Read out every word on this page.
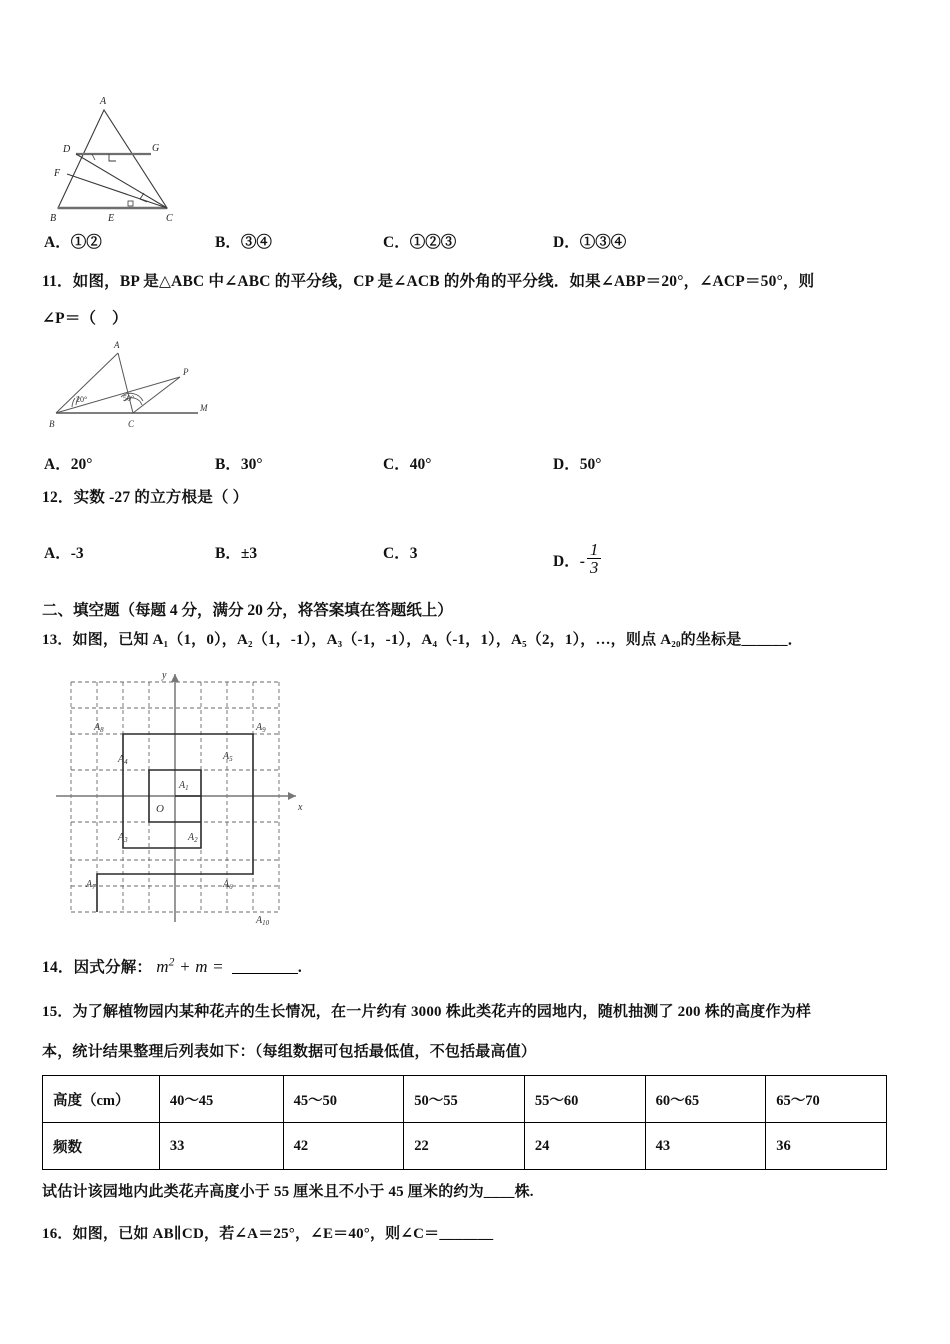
A
D	G
F
B	E	C
A．①②	B．③④	C．①②③	D．①③④
11．如图，BP 是△ABC 中∠ABC 的平分线，CP 是∠ACB 的外角的平分线．如果∠ABP＝20°，∠ACP＝50°，则
∠P＝（　）
A
P
B	C
M
20°	50°
A．20°	B．30°	C．40°	D．50°
12．实数 -27 的立方根是（ ）
A．-3	B．±3	C．3	D．- $\frac{1}{3}$
二、填空题（每题 4 分，满分 20 分，将答案填在答题纸上）
13．如图，已知 A₁（1，0），A₂（1，-1），A₃（-1，-1），A₄（-1，1），A₅（2，1），…，则点 A₂₀的坐标是______．
y
x
O
$A_1$
$A_2$
$A_3$
$A_4$	$A_5$
$A_6$
$A_7$
$A_8$	$A_9$
$A_{10}$
14．因式分解： $m^2 + m$ =	.
15．为了解植物园内某种花卉的生长情况，在一片约有 3000 株此类花卉的园地内，随机抽测了 200 株的高度作为样
本，统计结果整理后列表如下：（每组数据可包括最低值，不包括最高值）
高度（cm）	40～45	45～50	50～55	55～60	60～65	65～70
频数	33	42	22	24	43	36
试估计该园地内此类花卉高度小于 55 厘米且不小于 45 厘米的约为____株.
16．如图，已如 AB∥CD，若∠A＝25°，∠E＝40°，则∠C＝_______
